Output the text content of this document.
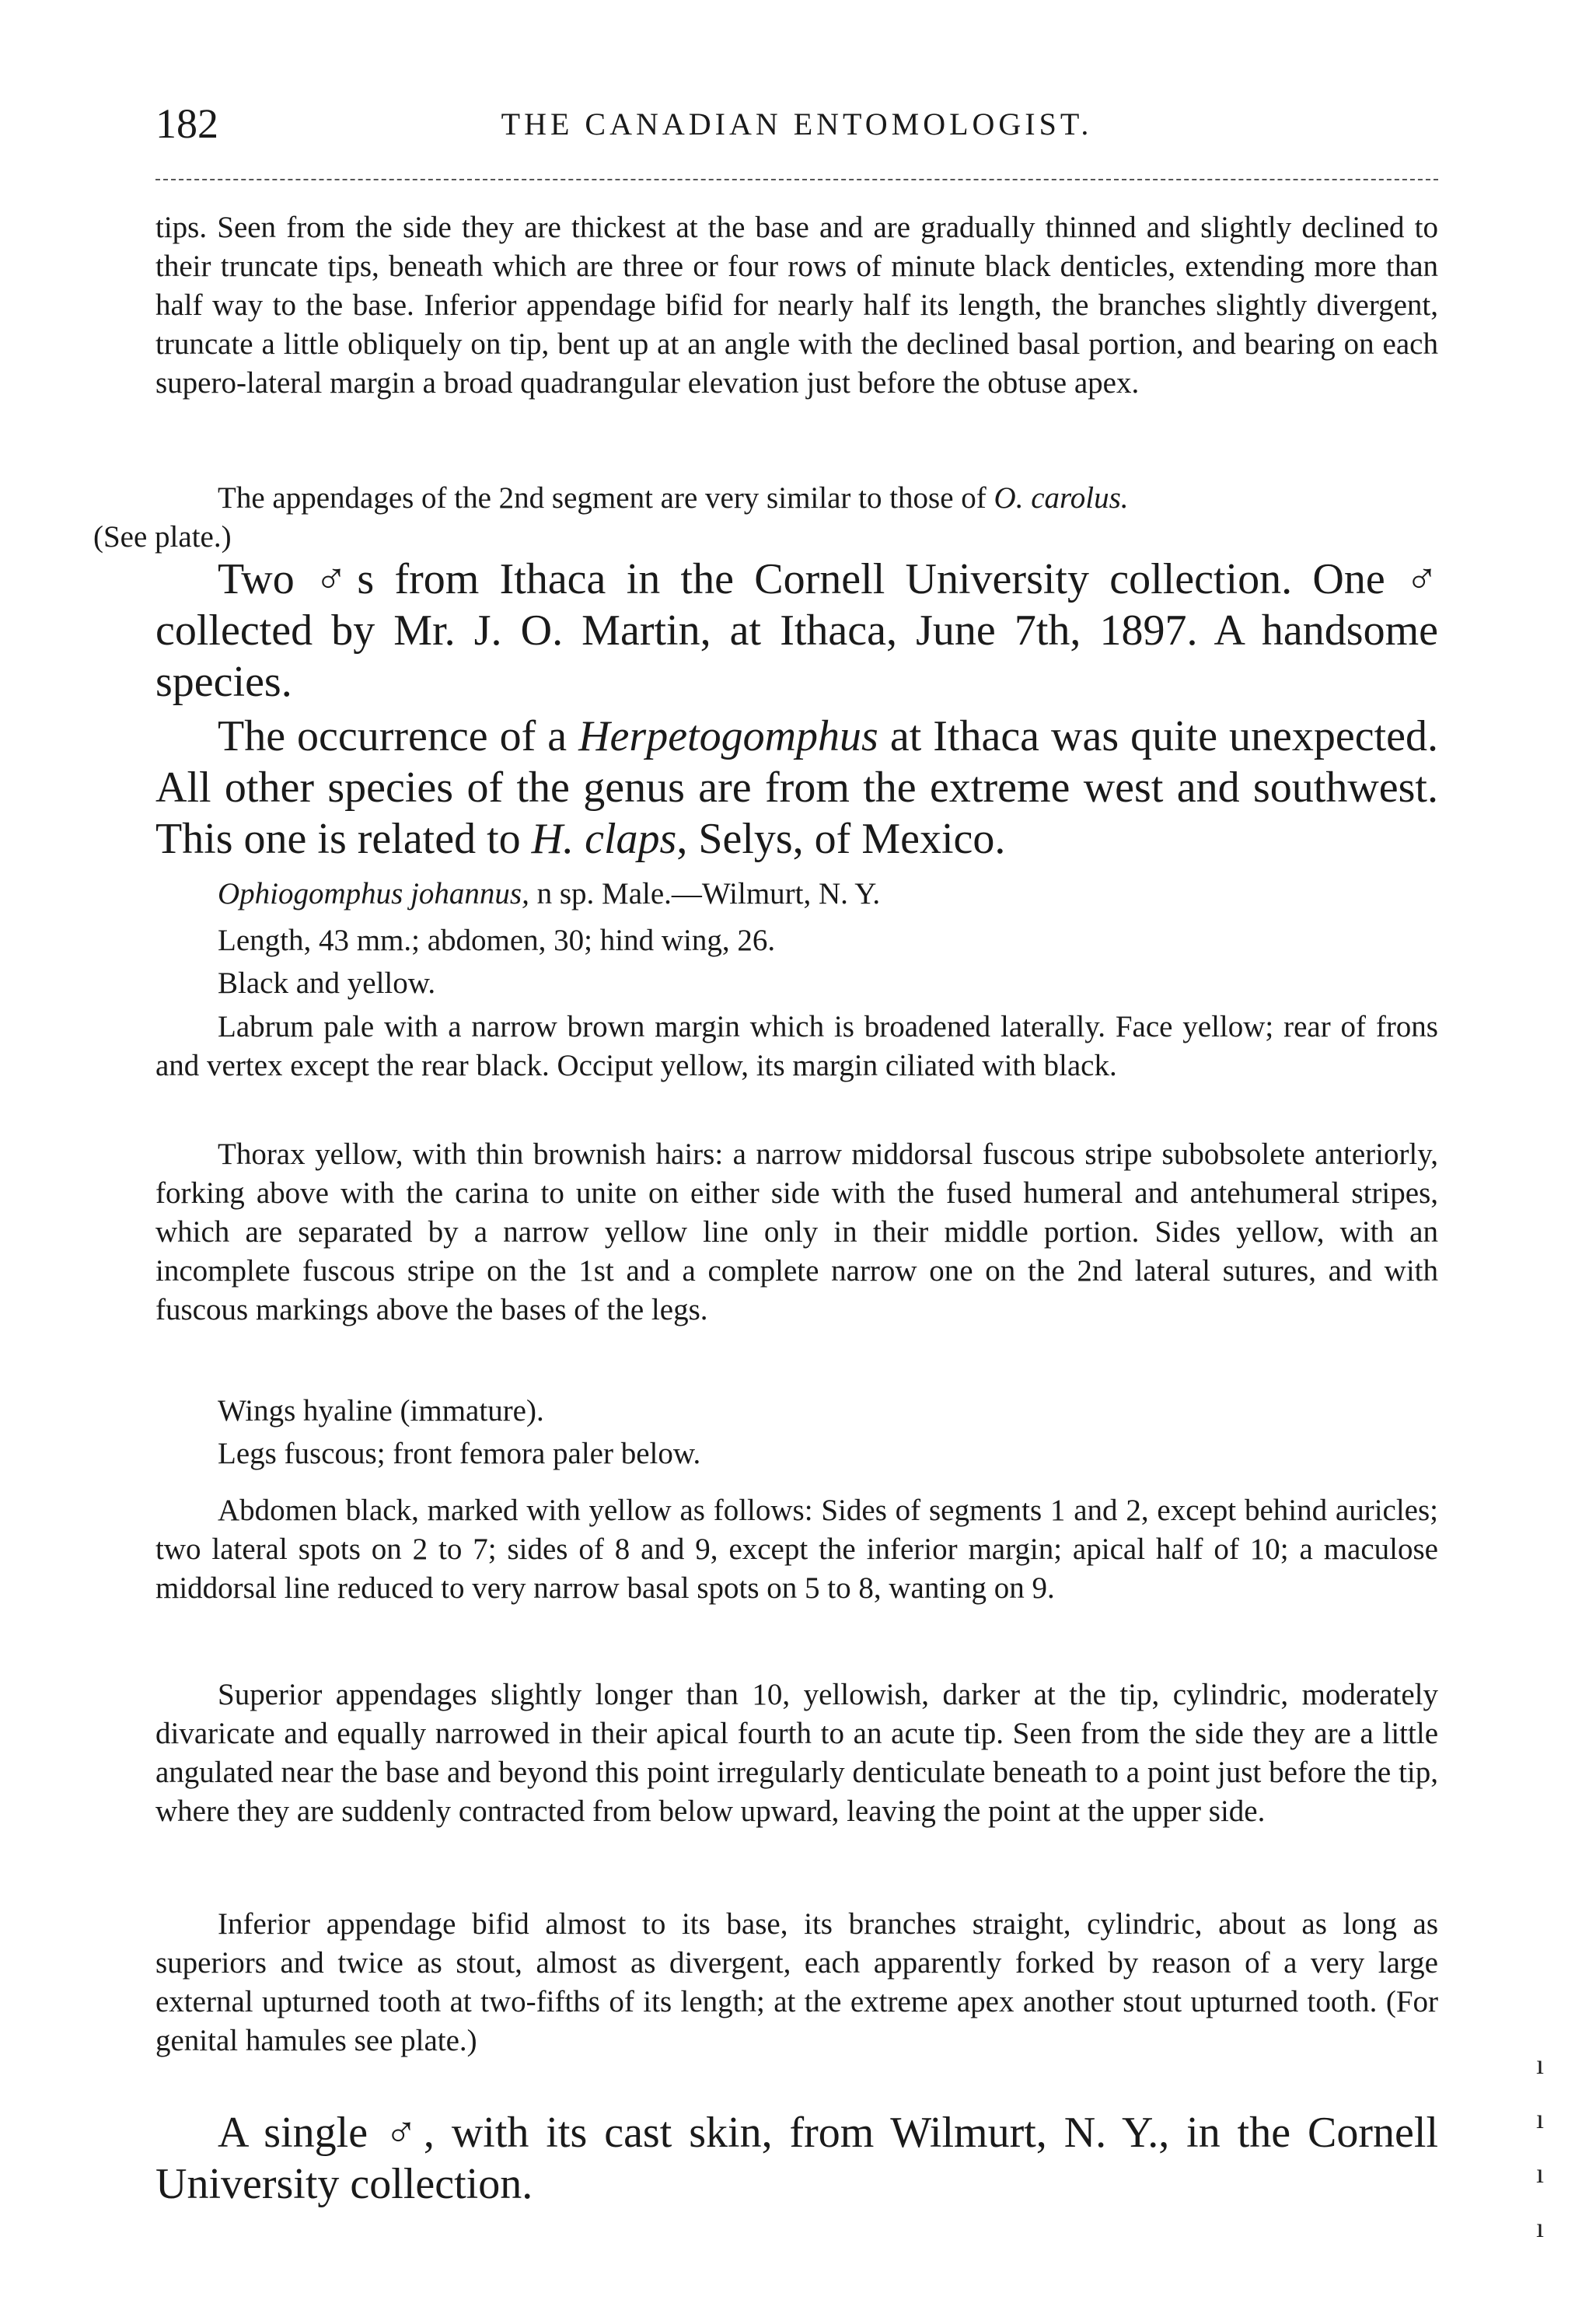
182	THE CANADIAN ENTOMOLOGIST.

tips. Seen from the side they are thickest at the base and are gradually thinned and slightly declined to their truncate tips, beneath which are three or four rows of minute black denticles, extending more than half way to the base. Inferior appendage bifid for nearly half its length, the branches slightly divergent, truncate a little obliquely on tip, bent up at an angle with the declined basal portion, and bearing on each supero-lateral margin a broad quadrangular elevation just before the obtuse apex.

The appendages of the 2nd segment are very similar to those of O. carolus.
(See plate.)

Two ♂s from Ithaca in the Cornell University collection. One ♂ collected by Mr. J. O. Martin, at Ithaca, June 7th, 1897. A handsome species.

The occurrence of a Herpetogomphus at Ithaca was quite unexpected. All other species of the genus are from the extreme west and southwest. This one is related to H. claps, Selys, of Mexico.

Ophiogomphus johannus, n sp. Male.—Wilmurt, N. Y.

Length, 43 mm.; abdomen, 30; hind wing, 26.

Black and yellow.

Labrum pale with a narrow brown margin which is broadened laterally. Face yellow; rear of frons and vertex except the rear black. Occiput yellow, its margin ciliated with black.

Thorax yellow, with thin brownish hairs: a narrow middorsal fuscous stripe subobsolete anteriorly, forking above with the carina to unite on either side with the fused humeral and antehumeral stripes, which are separated by a narrow yellow line only in their middle portion. Sides yellow, with an incomplete fuscous stripe on the 1st and a complete narrow one on the 2nd lateral sutures, and with fuscous markings above the bases of the legs.

Wings hyaline (immature).

Legs fuscous; front femora paler below.

Abdomen black, marked with yellow as follows: Sides of segments 1 and 2, except behind auricles; two lateral spots on 2 to 7; sides of 8 and 9, except the inferior margin; apical half of 10; a maculose middorsal line reduced to very narrow basal spots on 5 to 8, wanting on 9.

Superior appendages slightly longer than 10, yellowish, darker at the tip, cylindric, moderately divaricate and equally narrowed in their apical fourth to an acute tip. Seen from the side they are a little angulated near the base and beyond this point irregularly denticulate beneath to a point just before the tip, where they are suddenly contracted from below upward, leaving the point at the upper side.

Inferior appendage bifid almost to its base, its branches straight, cylindric, about as long as superiors and twice as stout, almost as divergent, each apparently forked by reason of a very large external upturned tooth at two-fifths of its length; at the extreme apex another stout upturned tooth. (For genital hamules see plate.)

A single ♂, with its cast skin, from Wilmurt, N. Y., in the Cornell University collection.

ı
ı
ı
ı
